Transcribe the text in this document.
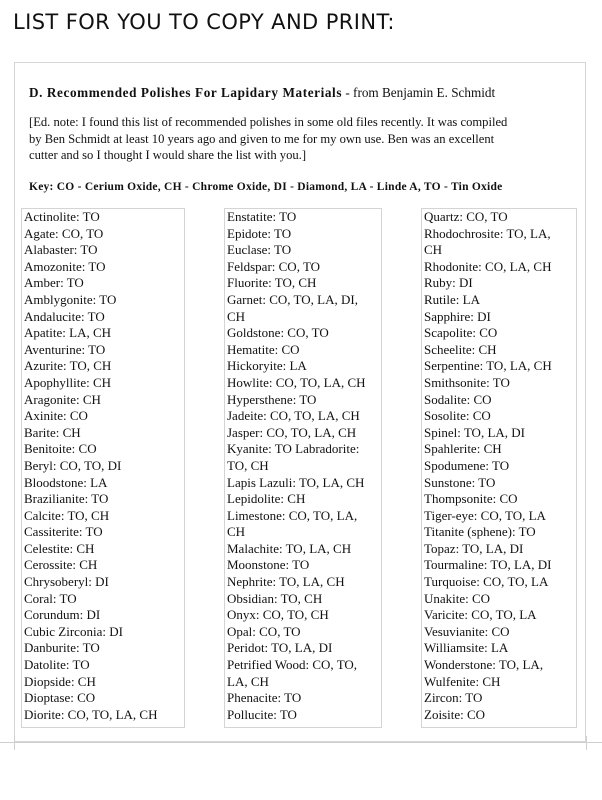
LIST FOR YOU TO COPY AND PRINT:
D. Recommended Polishes For Lapidary Materials - from Benjamin E. Schmidt
[Ed. note: I found this list of recommended polishes in some old files recently. It was compiled
by Ben Schmidt at least 10 years ago and given to me for my own use. Ben was an excellent
cutter and so I thought I would share the list with you.]
Key: CO - Cerium Oxide, CH - Chrome Oxide, DI - Diamond, LA - Linde A, TO - Tin Oxide
Actinolite: TO
Agate: CO, TO
Alabaster: TO
Amozonite: TO
Amber: TO
Amblygonite: TO
Andalucite: TO
Apatite: LA, CH
Aventurine: TO
Azurite: TO, CH
Apophyllite: CH
Aragonite: CH
Axinite: CO
Barite: CH
Benitoite: CO
Beryl: CO, TO, DI
Bloodstone: LA
Brazilianite: TO
Calcite: TO, CH
Cassiterite: TO
Celestite: CH
Cerossite: CH
Chrysoberyl: DI
Coral: TO
Corundum: DI
Cubic Zirconia: DI
Danburite: TO
Datolite: TO
Diopside: CH
Dioptase: CO
Diorite: CO, TO, LA, CH
Enstatite: TO
Epidote: TO
Euclase: TO
Feldspar: CO, TO
Fluorite: TO, CH
Garnet: CO, TO, LA, DI,
CH
Goldstone: CO, TO
Hematite: CO
Hickoryite: LA
Howlite: CO, TO, LA, CH
Hypersthene: TO
Jadeite: CO, TO, LA, CH
Jasper: CO, TO, LA, CH
Kyanite: TO Labradorite:
TO, CH
Lapis Lazuli: TO, LA, CH
Lepidolite: CH
Limestone: CO, TO, LA,
CH
Malachite: TO, LA, CH
Moonstone: TO
Nephrite: TO, LA, CH
Obsidian: TO, CH
Onyx: CO, TO, CH
Opal: CO, TO
Peridot: TO, LA, DI
Petrified Wood: CO, TO,
LA, CH
Phenacite: TO
Pollucite: TO
Quartz: CO, TO
Rhodochrosite: TO, LA,
CH
Rhodonite: CO, LA, CH
Ruby: DI
Rutile: LA
Sapphire: DI
Scapolite: CO
Scheelite: CH
Serpentine: TO, LA, CH
Smithsonite: TO
Sodalite: CO
Sosolite: CO
Spinel: TO, LA, DI
Spahlerite: CH
Spodumene: TO
Sunstone: TO
Thompsonite: CO
Tiger-eye: CO, TO, LA
Titanite (sphene): TO
Topaz: TO, LA, DI
Tourmaline: TO, LA, DI
Turquoise: CO, TO, LA
Unakite: CO
Varicite: CO, TO, LA
Vesuvianite: CO
Williamsite: LA
Wonderstone: TO, LA,
Wulfenite: CH
Zircon: TO
Zoisite: CO
